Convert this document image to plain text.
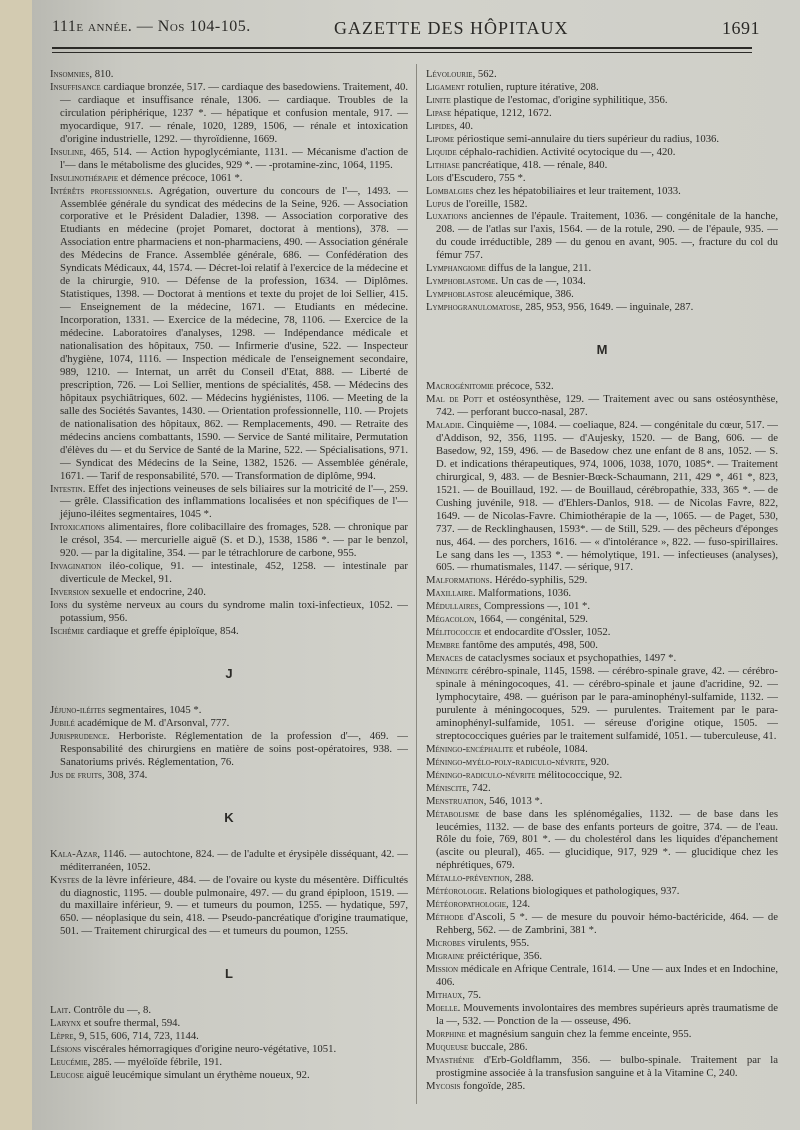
111e année. — Nos 104-105.	GAZETTE DES HÔPITAUX	1691

Insomnies, 810.

Insuffisance cardiaque bronzée, 517. — cardiaque des basedowiens. Traitement, 40. — cardiaque et insuffisance rénale, 1306. — cardiaque. Troubles de la circulation périphérique, 1237 *. — hépatique et confusion mentale, 917. — myocardique, 917. — rénale, 1020, 1289, 1506, — rénale et intoxication d'origine industrielle, 1292. — thyroïdienne, 1669.

Insuline, 465, 514. — Action hypoglycémiante, 1131. — Mécanisme d'action de l'— dans le métabolisme des glucides, 929 *. — -protamine-zinc, 1064, 1195.

Insulinothérapie et démence précoce, 1061 *.

Intérêts professionnels. Agrégation, ouverture du concours de l'—, 1493. — Assemblée générale du syndicat des médecins de la Seine, 926. — Association corporative et le Président Daladier, 1398. — Association corporative des Etudiants en médecine (projet Pomaret, doctorat à mentions), 378. — Association entre pharmaciens et non-pharmaciens, 490. — Association générale des Médecins de France. Assemblée générale, 686. — Confédération des Syndicats Médicaux, 44, 1574. — Décret-loi relatif à l'exercice de la médecine et de la chirurgie, 910. — Défense de la profession, 1634. — Diplômes. Statistiques, 1398. — Doctorat à mentions et texte du projet de loi Sellier, 415. — Enseignement de la médecine, 1671. — Etudiants en médecine. Incorporation, 1331. — Exercice de la médecine, 78, 1106. — Exercice de la médecine. Laboratoires d'analyses, 1298. — Indépendance médicale et nationalisation des hôpitaux, 750. — Infirmerie d'usine, 522. — Inspecteur d'hygiène, 1074, 1116. — Inspection médicale de l'enseignement secondaire, 989, 1210. — Internat, un arrêt du Conseil d'Etat, 888. — Liberté de prescription, 726. — Loi Sellier, mentions de spécialités, 458. — Médecins des hôpitaux psychiâtriques, 602. — Médecins hygiénistes, 1106. — Meeting de la salle des Sociétés Savantes, 1430. — Orientation professionnelle, 110. — Projets de nationalisation des hôpitaux, 862. — Remplacements, 490. — Retraite des médecins anciens combattants, 1590. — Service de Santé militaire, Permutation d'élèves du — et du Service de Santé de la Marine, 522. — Spécialisations, 971. — Syndicat des Médecins de la Seine, 1382, 1526. — Assemblée générale, 1671. — Tarif de responsabilité, 570. — Transformation de diplôme, 994.

Intestin. Effet des injections veineuses de sels biliaires sur la motricité de l'—, 259. — grêle. Classification des inflammations localisées et non spécifiques de l'— jéjuno-iléites segmentaires, 1045 *.

Intoxications alimentaires, flore colibacillaire des fromages, 528. — chronique par le crésol, 354. — mercurielle aiguë (S. et D.), 1538, 1586 *. — par le benzol, 920. — par la digitaline, 354. — par le tétrachlorure de carbone, 955.

Invagination iléo-colique, 91. — intestinale, 452, 1258. — intestinale par diverticule de Meckel, 91.

Inversion sexuelle et endocrine, 240.

Ions du système nerveux au cours du syndrome malin toxi-infectieux, 1052. — potassium, 956.

Ischémie cardiaque et greffe épiploïque, 854.

J

Jéjuno-iléites segmentaires, 1045 *.

Jubilé académique de M. d'Arsonval, 777.

Jurisprudence. Herboriste. Réglementation de la profession d'—, 469. — Responsabilité des chirurgiens en matière de soins post-opératoires, 938. — Sanatoriums privés. Réglementation, 76.

Jus de fruits, 308, 374.

K

Kala-Azar, 1146. — autochtone, 824. — de l'adulte et érysipèle disséquant, 42. — méditerranéen, 1052.

Kystes de la lèvre inférieure, 484. — de l'ovaire ou kyste du mésentère. Difficultés du diagnostic, 1195. — double pulmonaire, 497. — du grand épiploon, 1519. — du maxillaire inférieur, 9. — et tumeurs du poumon, 1255. — hydatique, 597, 650. — néoplasique du sein, 418. — Pseudo-pancréatique d'origine traumatique, 501. — Traitement chirurgical des — et tumeurs du poumon, 1255.

L

Lait. Contrôle du —, 8.

Larynx et soufre thermal, 594.

Lèpre, 9, 515, 606, 714, 723, 1144.

Lésions viscérales hémorragiques d'origine neuro-végétative, 1051.

Leucémie, 285. — myéloïde fébrile, 191.

Leucose aiguë leucémique simulant un érythème noueux, 92.

Lévolourie, 562.

Ligament rotulien, rupture itérative, 208.

Linite plastique de l'estomac, d'origine syphilitique, 356.

Lipase hépatique, 1212, 1672.

Lipides, 40.

Lipome périostique semi-annulaire du tiers supérieur du radius, 1036.

Liquide céphalo-rachidien. Activité ocytocique du —, 420.

Lithiase pancréatique, 418. — rénale, 840.

Lois d'Escudero, 755 *.

Lombalgies chez les hépatobiliaires et leur traitement, 1033.

Lupus de l'oreille, 1582.

Luxations anciennes de l'épaule. Traitement, 1036. — congénitale de la hanche, 208. — de l'atlas sur l'axis, 1564. — de la rotule, 290. — de l'épaule, 935. — du coude irréductible, 289 — du genou en avant, 905. —, fracture du col du fémur 757.

Lymphangiome diffus de la langue, 211.

Lymphoblastome. Un cas de —, 1034.

Lymphoblastose aleucémique, 386.

Lymphogranulomatose, 285, 953, 956, 1649. — inguinale, 287.

M

Macrogénitomie précoce, 532.

Mal de Pott et ostéosynthèse, 129. — Traitement avec ou sans ostéosynthèse, 742. — perforant bucco-nasal, 287.

Maladie. Cinquième —, 1084. — coeliaque, 824. — congénitale du cœur, 517. — d'Addison, 92, 356, 1195. — d'Aujesky, 1520. — de Bang, 606. — de Basedow, 92, 159, 496. — de Basedow chez une enfant de 8 ans, 1052. — S. D. et indications thérapeutiques, 974, 1006, 1038, 1070, 1085*. — Traitement chirurgical, 9, 483. — de Besnier-Bœck-Schaumann, 211, 429 *, 461 *, 823, 1521. — de Bouillaud, 192. — de Bouillaud, cérébropathie, 333, 365 *. — de Cushing juvénile, 918. — d'Ehlers-Danlos, 918. — de Nicolas Favre, 822, 1649. — de Nicolas-Favre. Chimiothérapie de la —, 1065. — de Paget, 530, 737. — de Recklinghausen, 1593*. — de Still, 529. — des pêcheurs d'éponges nus, 464. — des porchers, 1616. — « d'intolérance », 822. — fuso-spirillaires. Le sang dans les —, 1353 *. — hémolytique, 191. — infectieuses (analyses), 605. — rhumatismales, 1147. — sérique, 917.

Malformations. Hérédo-syphilis, 529.

Maxillaire. Malformations, 1036.

Médullaires, Compressions —, 101 *.

Mégacolon, 1664, — congénital, 529.

Mélitococcie et endocardite d'Ossler, 1052.

Membre fantôme des amputés, 498, 500.

Menaces de cataclysmes sociaux et psychopathies, 1497 *.

Méningite cérébro-spinale, 1145, 1598. — cérébro-spinale grave, 42. — cérébro-spinale à méningocoques, 41. — cérébro-spinale et jaune d'acridine, 92. — lymphocytaire, 498. — guérison par le para-aminophényl-sulfamide, 1132. — purulente à méningocoques, 529. — purulentes. Traitement par le para-aminophényl-sulfamide, 1051. — séreuse d'origine otique, 1505. — streptococciques guéries par le traitement sulfamidé, 1051. — tuberculeuse, 41.

Méningo-encéphalite et rubéole, 1084.

Méningo-myélo-poly-radiculo-névrite, 920.

Méningo-radiculo-névrite mélitococcique, 92.

Méniscite, 742.

Menstruation, 546, 1013 *.

Métabolisme de base dans les splénomégalies, 1132. — de base dans les leucémies, 1132. — de base des enfants porteurs de goitre, 374. — de l'eau. Rôle du foie, 769, 801 *. — du cholestérol dans les liquides d'épanchement (ascite ou pleural), 465. — glucidique, 917, 929 *. — glucidique chez les néphrétiques, 679.

Métallo-prévention, 288.

Météorologie. Relations biologiques et pathologiques, 937.

Météoropathologie, 124.

Méthode d'Ascoli, 5 *. — de mesure du pouvoir hémo-bactéricide, 464. — de Rehberg, 562. — de Zambrini, 381 *.

Microbes virulents, 955.

Migraine préictérique, 356.

Mission médicale en Afrique Centrale, 1614. — Une — aux Indes et en Indochine, 406.

Mithaux, 75.

Moelle. Mouvements involontaires des membres supérieurs après traumatisme de la —, 532. — Ponction de la — osseuse, 496.

Morphine et magnésium sanguin chez la femme enceinte, 955.

Muqueuse buccale, 286.

Myasthénie d'Erb-Goldflamm, 356. — bulbo-spinale. Traitement par la prostigmine associée à la transfusion sanguine et à la Vitamine C, 240.

Mycosis fongoïde, 285.
